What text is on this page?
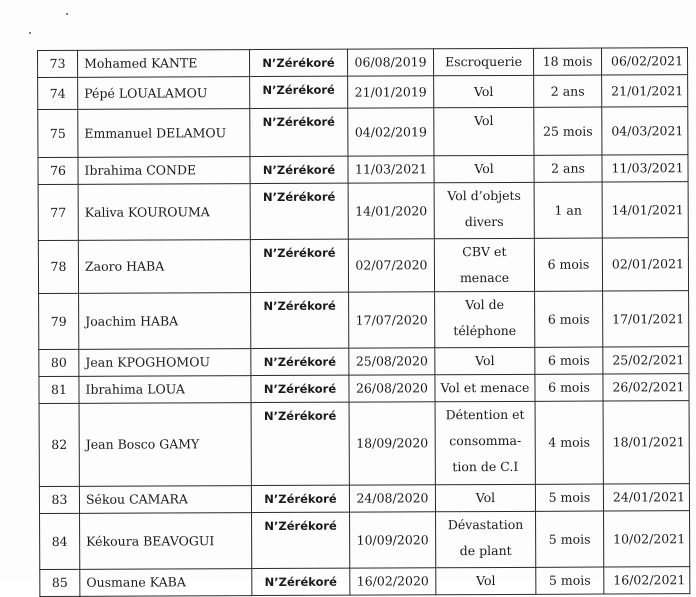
73	Mohamed KANTE	N’Zérékoré	06/08/2019	Escroquerie	18 mois	06/02/2021
74	Pépé LOUALAMOU	N’Zérékoré	21/01/2019	Vol	2 ans	21/01/2021
75	Emmanuel DELAMOU	N’Zérékoré	04/02/2019	Vol	25 mois	04/03/2021
76	Ibrahima CONDE	N’Zérékoré	11/03/2021	Vol	2 ans	11/03/2021
77	Kaliva KOUROUMA	N’Zérékoré	14/01/2020	Vol d’objets divers	1 an	14/01/2021
78	Zaoro HABA	N’Zérékoré	02/07/2020	CBV et menace	6 mois	02/01/2021
79	Joachim HABA	N’Zérékoré	17/07/2020	Vol de téléphone	6 mois	17/01/2021
80	Jean KPOGHOMOU	N’Zérékoré	25/08/2020	Vol	6 mois	25/02/2021
81	Ibrahima LOUA	N’Zérékoré	26/08/2020	Vol et menace	6 mois	26/02/2021
82	Jean Bosco GAMY	N’Zérékoré	18/09/2020	Détention et consomma-tion de C.I	4 mois	18/01/2021
83	Sékou CAMARA	N’Zérékoré	24/08/2020	Vol	5 mois	24/01/2021
84	Kékoura BEAVOGUI	N’Zérékoré	10/09/2020	Dévastation de plant	5 mois	10/02/2021
85	Ousmane KABA	N’Zérékoré	16/02/2020	Vol	5 mois	16/02/2021
